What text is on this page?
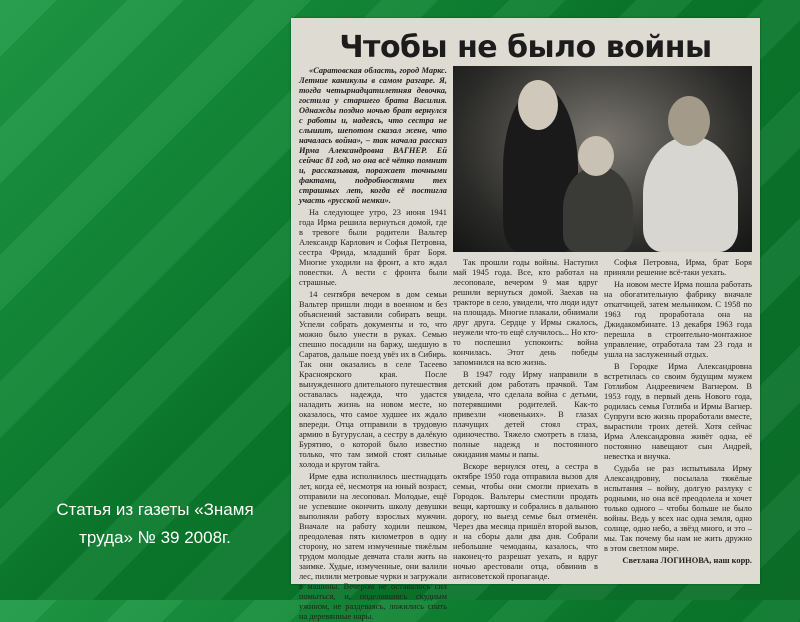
Статья из газеты «Знамя труда» № 39 2008г.
Чтобы не было войны

«Саратовская область, город Маркс. Летние каникулы в самом разгаре. Я, тогда четырнадцатилетняя девочка, гостила у старшего брата Василия. Однажды поздно ночью брат вернулся с работы и, надеясь, что сестра не слышит, шепотом сказал жене, что началась война», – так начала рассказ Ирма Александровна ВАГНЕР. Ей сейчас 81 год, но она всё чётко помнит и, рассказывая, поражает точными фактами, подробностями тех страшных лет, когда её постигла участь «русской немки».

На следующее утро, 23 июня 1941 года Ирма решила вернуться домой, где в тревоге были родители Вальтер Александр Карлович и Софья Петровна, сестра Фрида, младший брат Боря. Многие уходили на фронт, а кто ждал повестки. А вести с фронта были страшные.

14 сентября вечером в дом семьи Вальтер пришли люди в военном и без объяснений заставили собирать вещи. Успели собрать документы и то, что можно было унести в руках. Семью спешно посадили на баржу, шедшую в Саратов, дальше поезд увёз их в Сибирь. Так они оказались в селе Тасеево Красноярского края. После вынужденного длительного путешествия оставалась надежда, что удастся наладить жизнь на новом месте, но оказалось, что самое худшее их ждало впереди. Отца отправили в трудовую армию в Бугуруслан, а сестру в далёкую Бурятию, о которой было известно только, что там зимой стоят сильные холода и кругом тайга.

Ирме едва исполнилось шестнадцать лет, когда её, несмотря на юный возраст, отправили на лесоповал. Молодые, ещё не успевшие окончить школу девушки выполняли работу взрослых мужчин. Вначале на работу ходили пешком, преодолевая пять километров в одну сторону, но затем измученные тяжёлым трудом молодые девчата стали жить на заимке. Худые, измученные, они валили лес, пилили метровые чурки и загружали в машины. Вечером не оставалось сил помыться, и, поделившись скудным ужином, не раздеваясь, ложились спать на деревянные нары.

Так прошли годы войны. Наступил май 1945 года. Все, кто работал на лесоповале, вечером 9 мая вдруг решили вернуться домой. Заехав на тракторе в село, увидели, что люди идут на площадь. Многие плакали, обнимали друг друга. Сердце у Ирмы сжалось, неужели что-то ещё случилось... Но кто-то поспешил успокоить: война кончилась. Этот день победы запомнился на всю жизнь.

В 1947 году Ирму направили в детский дом работать прачкой. Там увидела, что сделала война с детьми, потерявшими родителей. Как-то привезли «новеньких». В глазах плачущих детей стоял страх, одиночество. Тяжело смотреть в глаза, полные надежд и постоянного ожидания мамы и папы.

Вскоре вернулся отец, а сестра в октябре 1950 года отправила вызов для семьи, чтобы они смогли приехать в Городок. Вальтеры сместили продать вещи, картошку и собрались в дальнюю дорогу, но выезд семье был отменён. Через два месяца пришёл второй вызов, и на сборы дали два дня. Собрали небольшие чемоданы, казалось, что наконец-то разрешат уехать, и вдруг ночью арестовали отца, обвинив в антисоветской пропаганде.

Софья Петровна, Ирма, брат Боря приняли решение всё-таки уехать.

На новом месте Ирма пошла работать на обогатительную фабрику вначале откатчицей, затем мельником. С 1958 по 1963 год проработала она на Джидакомбинате. 13 декабря 1963 года перешла в строительно-монтажное управление, отработала там 23 года и ушла на заслуженный отдых.

В Городке Ирма Александровна встретилась со своим будущим мужем Готлибом Андреевичем Вагнером. В 1953 году, в первый день Нового года, родилась семья Готлиба и Ирмы Вагнер. Супруги всю жизнь проработали вместе, вырастили троих детей. Хотя сейчас Ирма Александровна живёт одна, её постоянно навещают сын Андрей, невестка и внучка.

Судьба не раз испытывала Ирму Александровну, посылала тяжёлые испытания – войну, долгую разлуку с родными, но она всё преодолела и хочет только одного – чтобы больше не было войны. Ведь у всех нас одна земля, одно солнце, одно небо, а звёзд много, и это – мы. Так почему бы нам не жить дружно в этом светлом мире.

Светлана ЛОГИНОВА, наш корр.
